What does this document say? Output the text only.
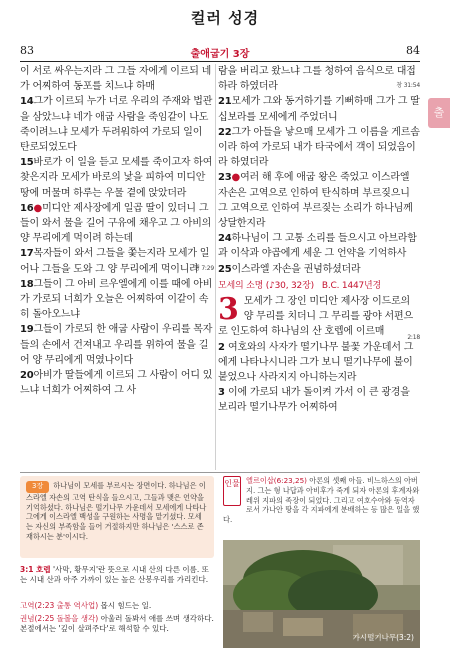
컬러 성경
83	출애굽기 3장	84
출
이 서로 싸우는지라 그 그들 자에게 이르되 네가 어찌하여 동포를 치느냐 하매
14그가 이르되 누가 너로 우리의 주재와 법관을 삼았느냐 네가 애굽 사람을 죽임같이 나도 죽이려느냐 모세가 두려워하여 가로되 일이 탄로되었도다
15바로가 이 일을 듣고 모세를 죽이고자 하여 찾은지라 모세가 바로의 낯을 피하여 미디안 땅에 머물며 하루는 우물 곁에 앉았더라
16●미디안 제사장에게 일곱 딸이 있더니 그들이 와서 물을 길어 구유에 채우고 그 아비의 양 무리에게 먹이려 하는데
17목자들이 와서 그들을 쫓는지라 모세가 일어나 그들을 도와 그 양 무리에게 먹이니라
행 7:29
18그들이 그 아비 르우엘에게 이를 때에 아비가 가로되 너희가 오늘은 어찌하여 이같이 속히 돌아오느냐
19그들이 가로되 한 애굽 사람이 우리를 목자들의 손에서 건져내고 우리를 위하여 물을 길어 양 무리에게 먹였나이다
20아비가 딸들에게 이르되 그 사람이 어디 있느냐 너희가 어찌하여 그 사
람을 버리고 왔느냐 그를 청하여 음식으로 대접하라 하였더라	창 31:54
21모세가 그와 동거하기를 기뻐하매 그가 그 딸 십보라를 모세에게 주었더니
22그가 아들을 낳으매 모세가 그 이름을 게르솜이라 하여 가로되 내가 타국에서 객이 되었음이라 하였더라
23●여러 해 후에 애굽 왕은 죽었고 이스라엘 자손은 고역으로 인하여 탄식하며 부르짖으니 그 고역으로 인하여 부르짖는 소리가 하나님께 상달한지라
24하나님이 그 고통 소리를 들으시고 아브라함과 이삭과 야곱에게 세운 그 언약을 기억하사
25이스라엘 자손을 권념하셨더라
모세의 소명 (♪30, 32장) B.C. 1447년경
3 모세가 그 장인 미디안 제사장 이드로의 양 무리를 치더니 그 무리를 광야 서편으로 인도하여 하나님의 산 호렙에 이르매
2 여호와의 사자가 떨기나무 불꽃 가운데서 그에게 나타나시니라 그가 보니 떨기나무에 불이 붙었으나 사라지지 아니하는지라
2:18
3 이에 가로되 내가 돌이켜 가서 이 큰 광경을 보리라 떨기나무가 어찌하여
3장 하나님이 모세를 부르시는 장면이다. 하나님은 이스라엘 자손의 고역 탄식을 들으시고, 그들과 맺은 언약을 기억하셨다. 하나님은 떨기나무 가운데서 모세에게 나타나 그에게 이스라엘 백성을 구원하는 사명을 맡기셨다. 모세는 자신의 부족함을 들어 거절하지만 하나님은 '스스로 존재하시는 분'이시다.
3:1 호렙 '사막, 황무지'란 뜻으로 시내 산의 다른 이름. 또는 시내 산과 아주 가까이 있는 높은 산봉우리를 가리킨다.
고역(2:23 출통 역사업) 몹시 힘드는 일.
권념(2:25 돌볼을 생각) 아울러 돌봐서 애를 쓰며 생각하다. 본절에서는 '깊이 살펴주다'로 해석할 수 있다.
인물 엘르이삽(6:23,25) 아론의 셋째 아들. 비느하스의 아버지. 그는 형 나답과 아비후가 죽게 되자 아론의 후계자와 레위 지파의 족장이 되었다. 그리고 여호수아와 동역자로서 가나안 땅을 각 지파에게 분배하는 등 많은 일을 했다.
가시떨기나무(3:2)
